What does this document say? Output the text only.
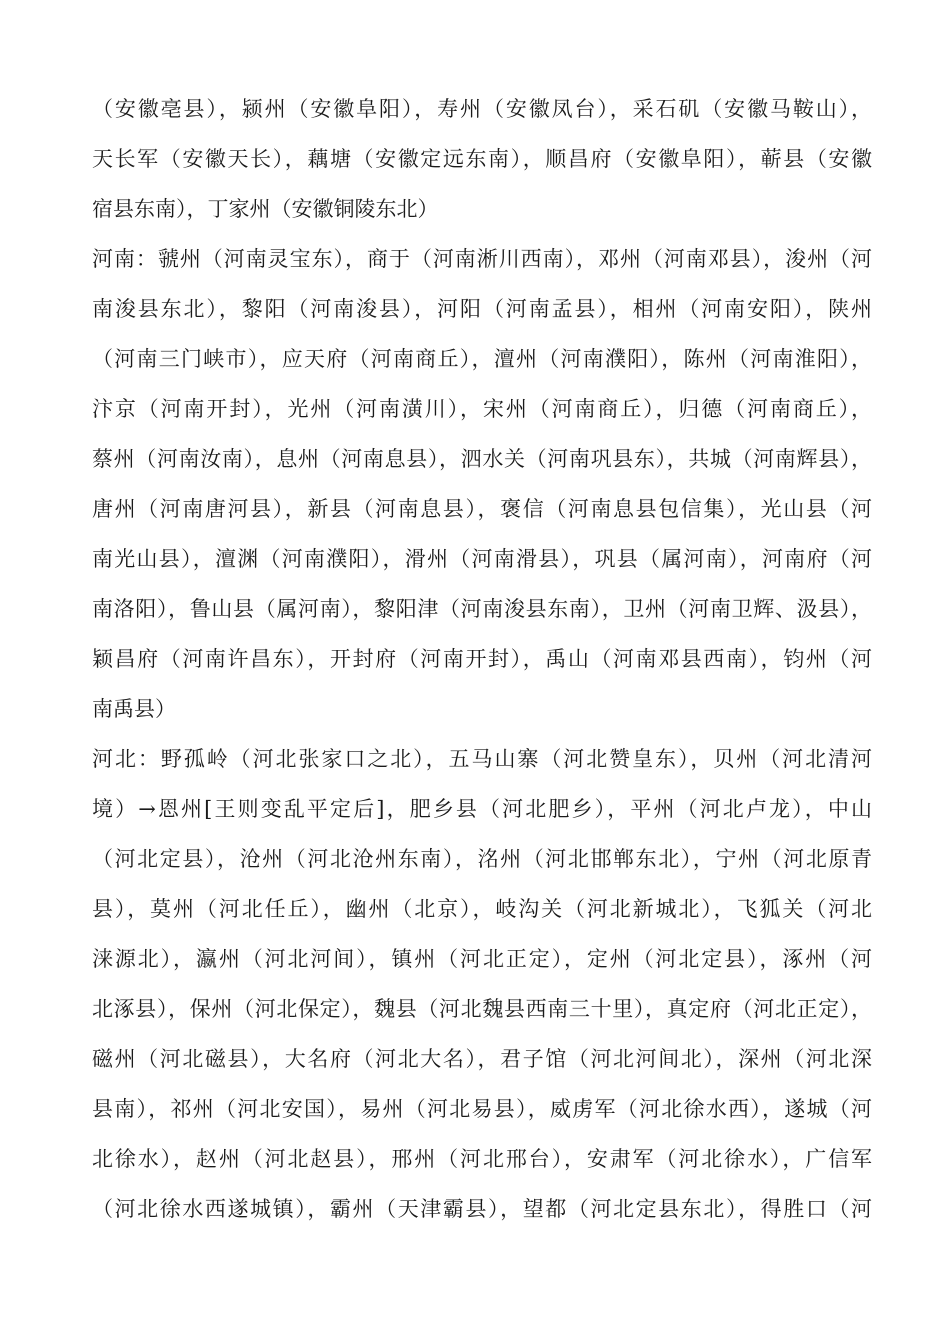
（安徽亳县），颍州（安徽阜阳），寿州（安徽凤台），采石矶（安徽马鞍山），
天长军（安徽天长），藕塘（安徽定远东南），顺昌府（安徽阜阳），蕲县（安徽
宿县东南），丁家州（安徽铜陵东北）
河南：虢州（河南灵宝东），商于（河南淅川西南），邓州（河南邓县），浚州（河
南浚县东北），黎阳（河南浚县），河阳（河南孟县），相州（河南安阳），陕州
（河南三门峡市），应天府（河南商丘），澶州（河南濮阳），陈州（河南淮阳），
汴京（河南开封），光州（河南潢川），宋州（河南商丘），归德（河南商丘），
蔡州（河南汝南），息州（河南息县），泗水关（河南巩县东），共城（河南辉县），
唐州（河南唐河县），新县（河南息县），褒信（河南息县包信集），光山县（河
南光山县），澶渊（河南濮阳），滑州（河南滑县），巩县（属河南），河南府（河
南洛阳），鲁山县（属河南），黎阳津（河南浚县东南），卫州（河南卫辉、汲县），
颖昌府（河南许昌东），开封府（河南开封），禹山（河南邓县西南），钧州（河
南禹县）
河北：野孤岭（河北张家口之北），五马山寨（河北赞皇东），贝州（河北清河
境）→恩州[王则变乱平定后]，肥乡县（河北肥乡），平州（河北卢龙），中山
（河北定县），沧州（河北沧州东南），洺州（河北邯郸东北），宁州（河北原青
县），莫州（河北任丘），幽州（北京），岐沟关（河北新城北），飞狐关（河北
涞源北），瀛州（河北河间），镇州（河北正定），定州（河北定县），涿州（河
北涿县），保州（河北保定），魏县（河北魏县西南三十里），真定府（河北正定），
磁州（河北磁县），大名府（河北大名），君子馆（河北河间北），深州（河北深
县南），祁州（河北安国），易州（河北易县），威虏军（河北徐水西），遂城（河
北徐水），赵州（河北赵县），邢州（河北邢台），安肃军（河北徐水），广信军
（河北徐水西遂城镇），霸州（天津霸县），望都（河北定县东北），得胜口（河
